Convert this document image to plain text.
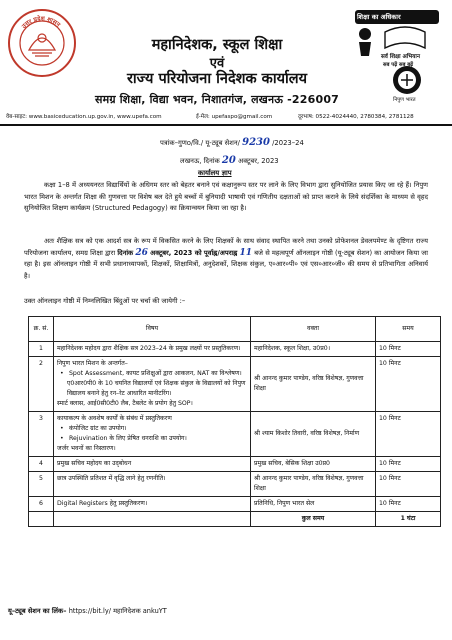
उत्तर प्रदेश शासन
शिक्षा का अधिकार
सर्व शिक्षा अभियान
सब पढ़ें सब बढ़ें
निपुण भारत
महानिदेशक, स्कूल शिक्षा
एवं
राज्य परियोजना निदेशक कार्यालय
समग्र शिक्षा, विद्या भवन, निशातगंज, लखनऊ -226007
वेब-साइट: www.basiceducation.up.gov.in, www.upefa.com	ई-मेल: upefaspo@gmail.com	दूरभाष: 0522-4024440, 2780384, 2781128
पत्रांक–गुणo/वि./ यू-ट्यूब सेशन/ 9230 /2023–24
लखनऊ, दिनांक 20 अक्टूबर, 2023
कार्यालय ज्ञाप
कक्षा 1–8 में अध्ययनरत विद्यार्थियों के अधिगम स्तर को बेहतर बनाने एवं कक्षानुरूप स्तर पर लाने के लिए विभाग द्वारा सुनियोजित प्रयास किए जा रहे हैं। निपुण भारत मिशन के अन्तर्गत शिक्षा की गुणवत्ता पर विशेष बल देते हुये बच्चों में बुनियादी भाषायी एवं गणितीय दक्षताओं को प्राप्त कराने के लिये संदर्शिका के माध्यम से वृहद सुनियोजित शिक्षण कार्यक्रम (Structured Pedagogy) का क्रियान्वयन किया जा रहा है।
अतः शैक्षिक सत्र को एक आदर्श सत्र के रूप में विकसित करने के लिए शिक्षकों के साथ संवाद स्थापित करने तथा उनको प्रोफेशनल डेवलपमेण्ट के दृष्टिगत राज्य परियोजना कार्यालय, समग्र शिक्षा द्वारा दिनांक 26 अक्टूबर, 2023 को पूर्वाह्न/अपराह्न 11 बजे से महत्वपूर्ण ऑनलाइन गोष्ठी (यू-ट्यूब सेशन) का आयोजन किया जा रहा है। इस ऑनलाइन गोष्ठी में सभी प्रधानाध्यापकों, शिक्षकों, शिक्षामित्रों, अनुदेशकों, शिक्षक संकुल, ए०आर०पी० एवं एस०आर०जी० की समय से प्रतिभागिता अनिवार्य है।
उक्त ऑनलाइन गोष्ठी में निम्नलिखित बिंदुओं पर चर्चा की जायेगी :–
क्र. सं.	विषय	वक्ता	समय
1	महानिदेशक महोदय द्वारा शैक्षिक सत्र 2023–24 के प्रमुख लक्ष्यों पर प्रस्तुतिकरण।	महानिदेशक, स्कूल शिक्षा, उ0प्र0।	10 मिनट
2	निपुण भारत मिशन के अन्तर्गत–
• Spot Assessment, कायट प्रशिक्षुओं द्वारा आकलन, NAT का विश्लेषण।
ए0आर0पी0 के 10 चयनित विद्यालयों एवं शिक्षक संकुल के विद्यालयों को निपुण विद्यालय बनाने हेतु रन–रेट आधारित मानीटरिंग।
स्मार्ट क्लास, आई0सी0टी0 लैब, टैबलेट के प्रयोग हेतु SOP।	श्री आनन्द कुमार पाण्डेय, वरिष्ठ विशेषज्ञ, गुणवत्ता शिक्षा	10 मिनट
3	कायाकल्प के अवशेष कार्यों के संबंध में प्रस्तुतिकरण
• कंपोजिट ग्रांट का उपयोग।
• Rejuvination के लिए प्रेषित धनराशि का उपयोग।
जर्जर भवनों का निस्तारण।	श्री श्याम किशोर तिवारी, वरिष्ठ विशेषज्ञ, निर्माण	10 मिनट
4	प्रमुख सचिव महोदय का उद्‌बोधन	प्रमुख सचिव, बेसिक शिक्षा उ0प्र0	10 मिनट
5	छात्र उपस्थिति प्रतिशत में वृद्धि लाने हेतु रणनीति।	श्री आनन्द कुमार पाण्डेय, वरिष्ठ विशेषज्ञ, गुणवत्ता शिक्षा	10 मिनट
6	Digital Registers हेतु प्रस्तुतिकरण।	प्रतिनिधि, निपुण भारत सेल	10 मिनट
		कुल समय	1 घंटा
यू–ट्यूब सेशन का लिंक– https://bit.ly/ महानिदेशक ankuYT
